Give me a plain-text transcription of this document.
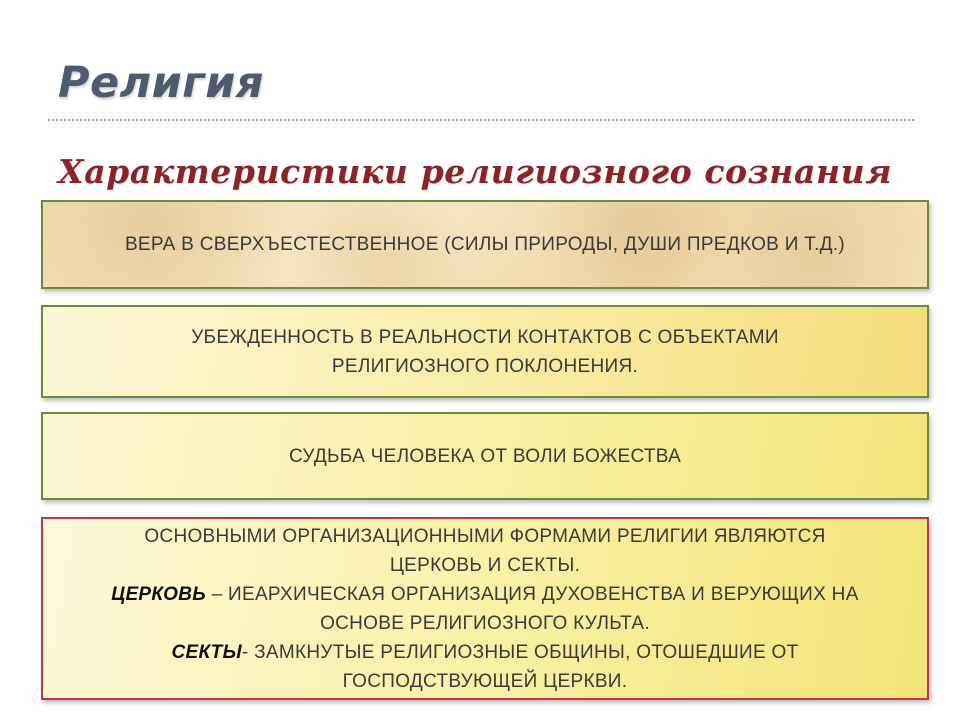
Религия
Характеристики религиозного сознания
ВЕРА В СВЕРХЪЕСТЕСТВЕННОЕ (СИЛЫ ПРИРОДЫ, ДУШИ ПРЕДКОВ И Т.Д.)
УБЕЖДЕННОСТЬ В РЕАЛЬНОСТИ КОНТАКТОВ С ОБЪЕКТАМИ
РЕЛИГИОЗНОГО ПОКЛОНЕНИЯ.
СУДЬБА ЧЕЛОВЕКА ОТ ВОЛИ БОЖЕСТВА
ОСНОВНЫМИ ОРГАНИЗАЦИОННЫМИ ФОРМАМИ РЕЛИГИИ ЯВЛЯЮТСЯ
ЦЕРКОВЬ И СЕКТЫ.
ЦЕРКОВЬ – ИЕАРХИЧЕСКАЯ ОРГАНИЗАЦИЯ ДУХОВЕНСТВА И ВЕРУЮЩИХ НА
ОСНОВЕ РЕЛИГИОЗНОГО КУЛЬТА.
СЕКТЫ- ЗАМКНУТЫЕ РЕЛИГИОЗНЫЕ ОБЩИНЫ, ОТОШЕДШИЕ ОТ
ГОСПОДСТВУЮЩЕЙ ЦЕРКВИ.
